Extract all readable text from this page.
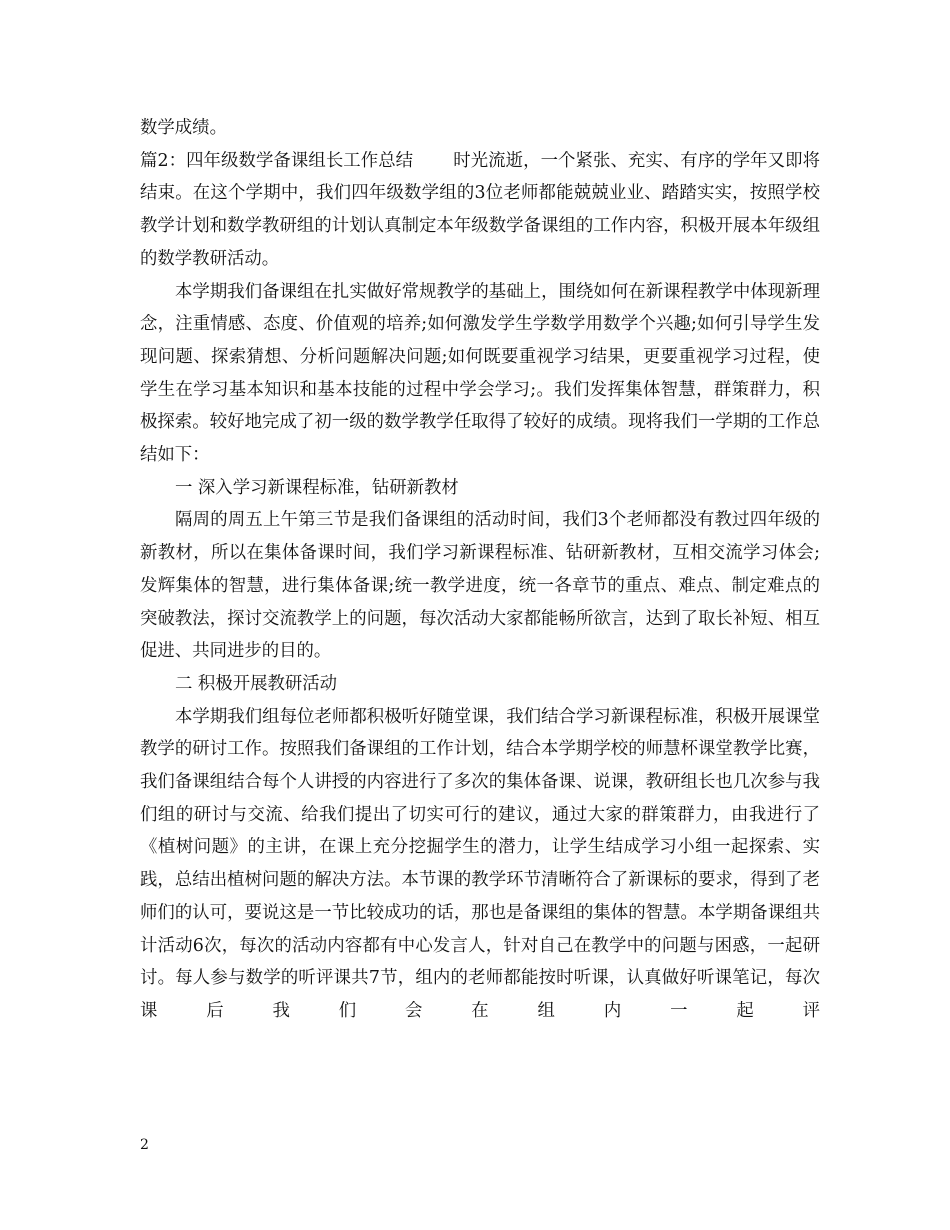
数学成绩。

篇2：四年级数学备课组长工作总结 时光流逝，一个紧张、充实、有序的学年又即将结束。在这个学期中，我们四年级数学组的3位老师都能兢兢业业、踏踏实实，按照学校教学计划和数学教研组的计划认真制定本年级数学备课组的工作内容，积极开展本年级组的数学教研活动。

本学期我们备课组在扎实做好常规教学的基础上，围绕如何在新课程教学中体现新理念，注重情感、态度、价值观的培养;如何激发学生学数学用数学个兴趣;如何引导学生发现问题、探索猜想、分析问题解决问题;如何既要重视学习结果，更要重视学习过程，使学生在学习基本知识和基本技能的过程中学会学习;。我们发挥集体智慧，群策群力，积极探索。较好地完成了初一级的数学教学任取得了较好的成绩。现将我们一学期的工作总结如下：

一 深入学习新课程标准，钻研新教材

隔周的周五上午第三节是我们备课组的活动时间，我们3个老师都没有教过四年级的新教材，所以在集体备课时间，我们学习新课程标准、钻研新教材，互相交流学习体会;发辉集体的智慧，进行集体备课;统一教学进度，统一各章节的重点、难点、制定难点的突破教法，探讨交流教学上的问题，每次活动大家都能畅所欲言，达到了取长补短、相互促进、共同进步的目的。

二 积极开展教研活动

本学期我们组每位老师都积极听好随堂课，我们结合学习新课程标准，积极开展课堂教学的研讨工作。按照我们备课组的工作计划，结合本学期学校的师慧杯课堂教学比赛，我们备课组结合每个人讲授的内容进行了多次的集体备课、说课，教研组长也几次参与我们组的研讨与交流、给我们提出了切实可行的建议，通过大家的群策群力，由我进行了《植树问题》的主讲，在课上充分挖掘学生的潜力，让学生结成学习小组一起探索、实践，总结出植树问题的解决方法。本节课的教学环节清晰符合了新课标的要求，得到了老师们的认可，要说这是一节比较成功的话，那也是备课组的集体的智慧。本学期备课组共计活动6次，每次的活动内容都有中心发言人，针对自己在教学中的问题与困惑，一起研讨。每人参与数学的听评课共7节，组内的老师都能按时听课，认真做好听课笔记，每次课后我们会在组内一起评

2
